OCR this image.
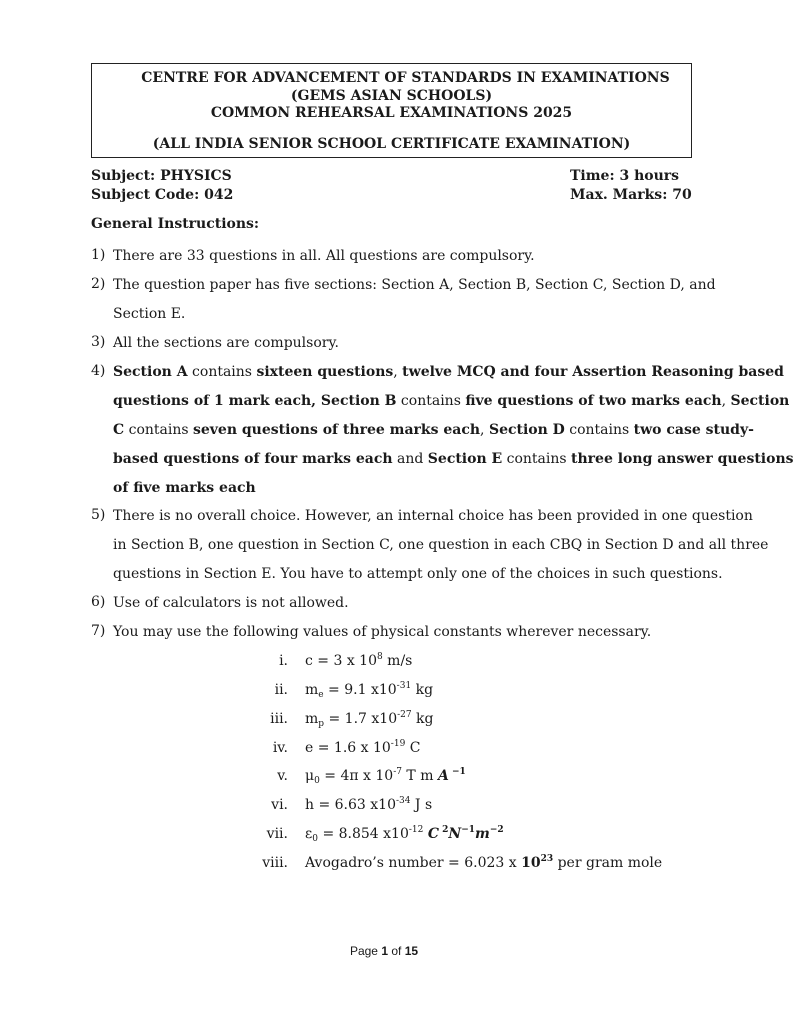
CENTRE FOR ADVANCEMENT OF STANDARDS IN EXAMINATIONS
(GEMS ASIAN SCHOOLS)
COMMON REHEARSAL EXAMINATIONS 2025
(ALL INDIA SENIOR SCHOOL CERTIFICATE EXAMINATION)
Subject: PHYSICS
Subject Code: 042
Time: 3 hours
Max. Marks: 70
General Instructions:
1) There are 33 questions in all. All questions are compulsory.
2) The question paper has five sections: Section A, Section B, Section C, Section D, and
Section E.
3) All the sections are compulsory.
4) Section A contains sixteen questions, twelve MCQ and four Assertion Reasoning based
questions of 1 mark each, Section B contains five questions of two marks each, Section
C contains seven questions of three marks each, Section D contains two case study-
based questions of four marks each and Section E contains three long answer questions
of five marks each
5) There is no overall choice. However, an internal choice has been provided in one question
in Section B, one question in Section C, one question in each CBQ in Section D and all three
questions in Section E. You have to attempt only one of the choices in such questions.
6) Use of calculators is not allowed.
7) You may use the following values of physical constants wherever necessary.
i. c = 3 x $10^8$ m/s
ii. $m_e = 9.1$ $x10^{-31}$ kg
iii. $m_p = 1.7$ $x10^{-27}$ kg
iv. e = 1.6 x $10^{-19}$ C
v. $\mu_0 = 4\pi$ x $10^{-7}$ T m A $^{-1}$
vi. h = 6.63 $x10^{-34}$ J s
vii. $\varepsilon_0 = 8.854$ $x10^{-12}$ C $^2N^{-1}m^{-2}$
viii. Avogadro’s number = 6.023 x $10^{23}$ per gram mole
Page 1 of 15
